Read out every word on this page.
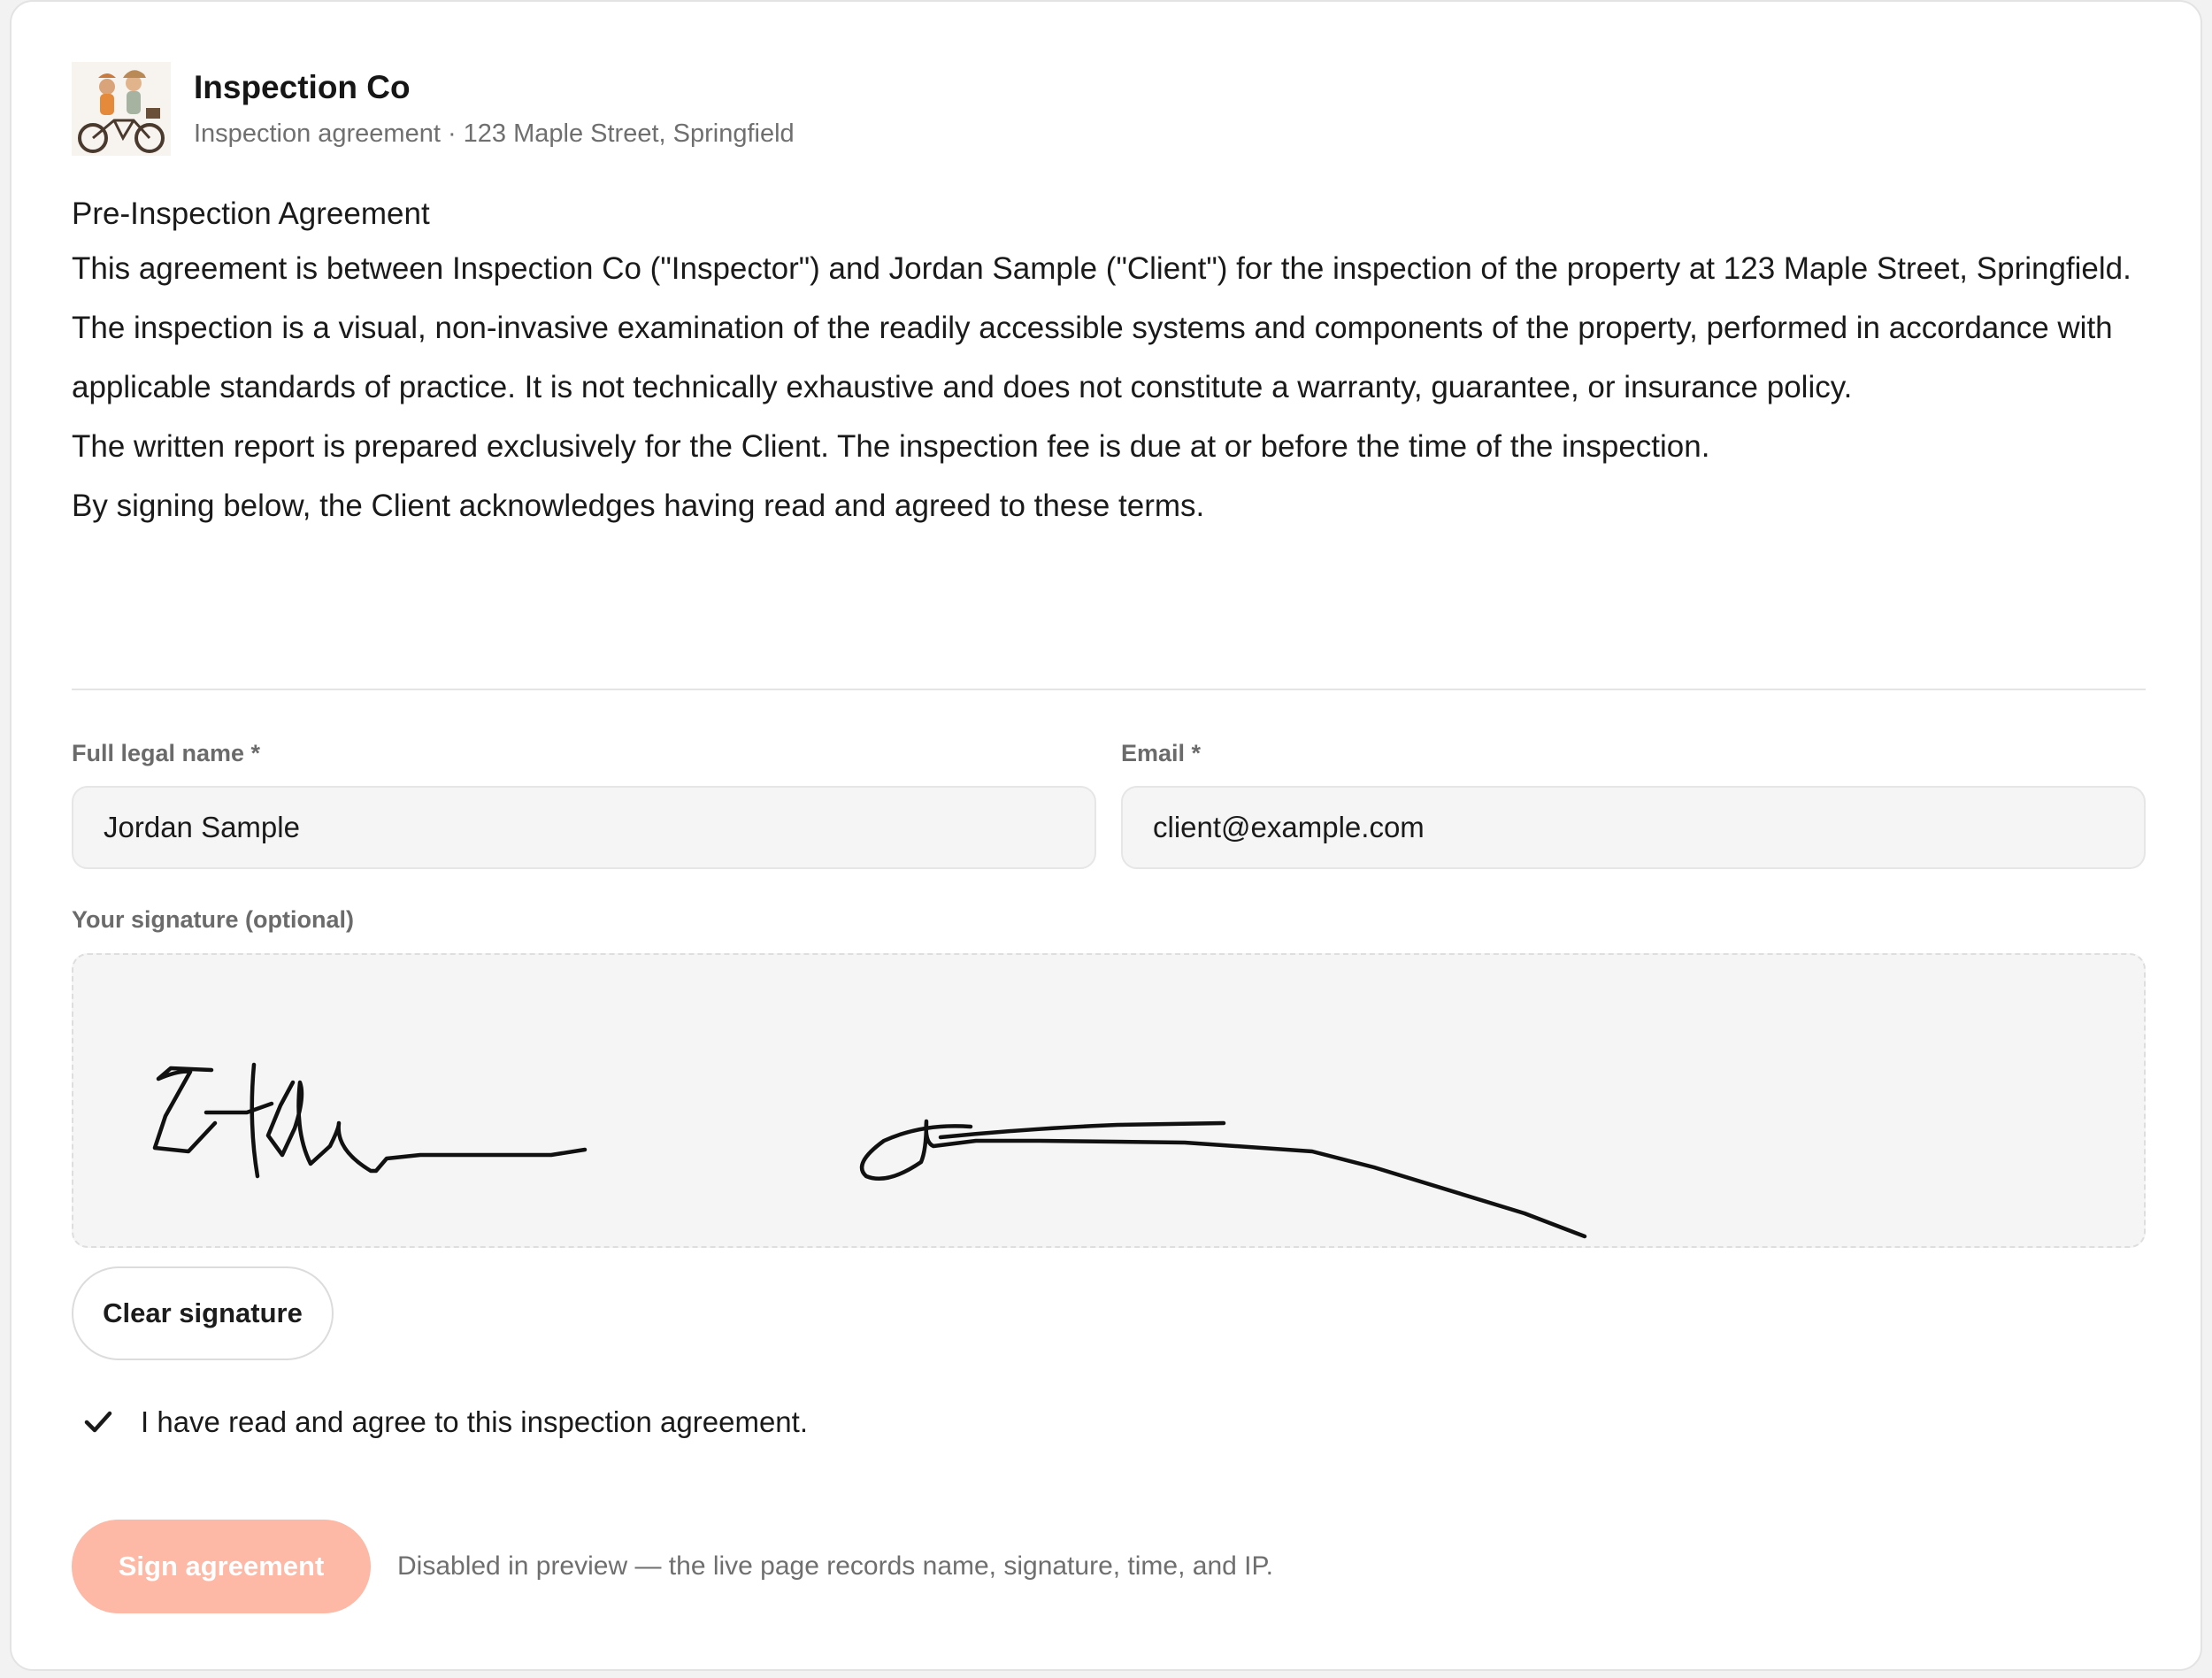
Inspection Co
Inspection agreement · 123 Maple Street, Springfield
Pre-Inspection Agreement

This agreement is between Inspection Co ("Inspector") and Jordan Sample ("Client") for the inspection of the property at 123 Maple Street, Springfield.

The inspection is a visual, non-invasive examination of the readily accessible systems and components of the property, performed in accordance with applicable standards of practice. It is not technically exhaustive and does not constitute a warranty, guarantee, or insurance policy.

The written report is prepared exclusively for the Client. The inspection fee is due at or before the time of the inspection.

By signing below, the Client acknowledges having read and agreed to these terms.

Full legal name *
Jordan Sample	Email *
client@example.com
Your signature (optional)
Clear signature
I have read and agree to this inspection agreement.
Sign agreement	Disabled in preview — the live page records name, signature, time, and IP.
